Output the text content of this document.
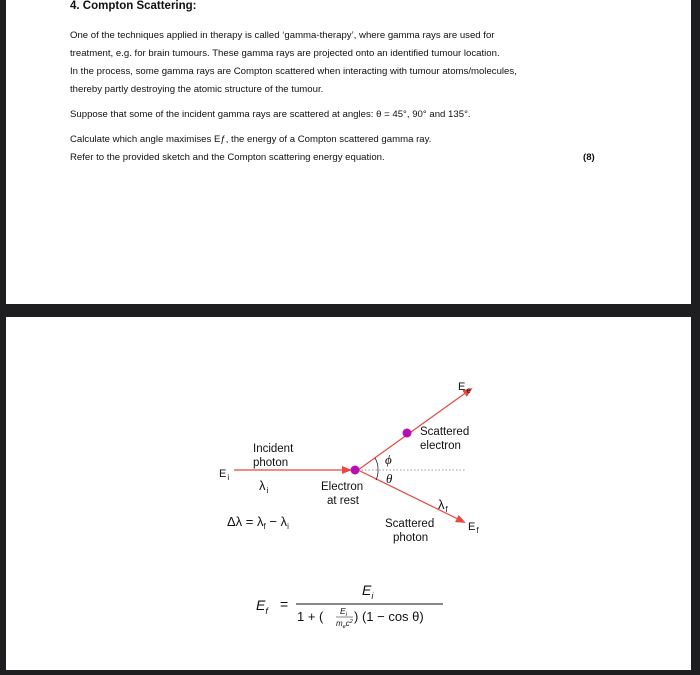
4. Compton Scattering:
One of the techniques applied in therapy is called ‘gamma-therapy’, where gamma rays are used for
treatment, e.g. for brain tumours. These gamma rays are projected onto an identified tumour location.
In the process, some gamma rays are Compton scattered when interacting with tumour atoms/molecules,
thereby partly destroying the atomic structure of the tumour.
Suppose that some of the incident gamma rays are scattered at angles: θ = 45°, 90° and 135°.
Calculate which angle maximises Eƒ, the energy of a Compton scattered gamma ray.
Refer to the provided sketch and the Compton scattering energy equation.	(8)
$E_e$
Scattered
electron
Incident
photon
$E_i$
$\lambda_i$
ϕ
θ
Electron
at rest	$\lambda_f$
Scattered
photon
$E_f$
$\Delta\lambda = \lambda_f - \lambda_i$
$E_f$ =
$E_i$
1 + ( $E_i$
$m_ec^2$ ) (1 − cos θ)
